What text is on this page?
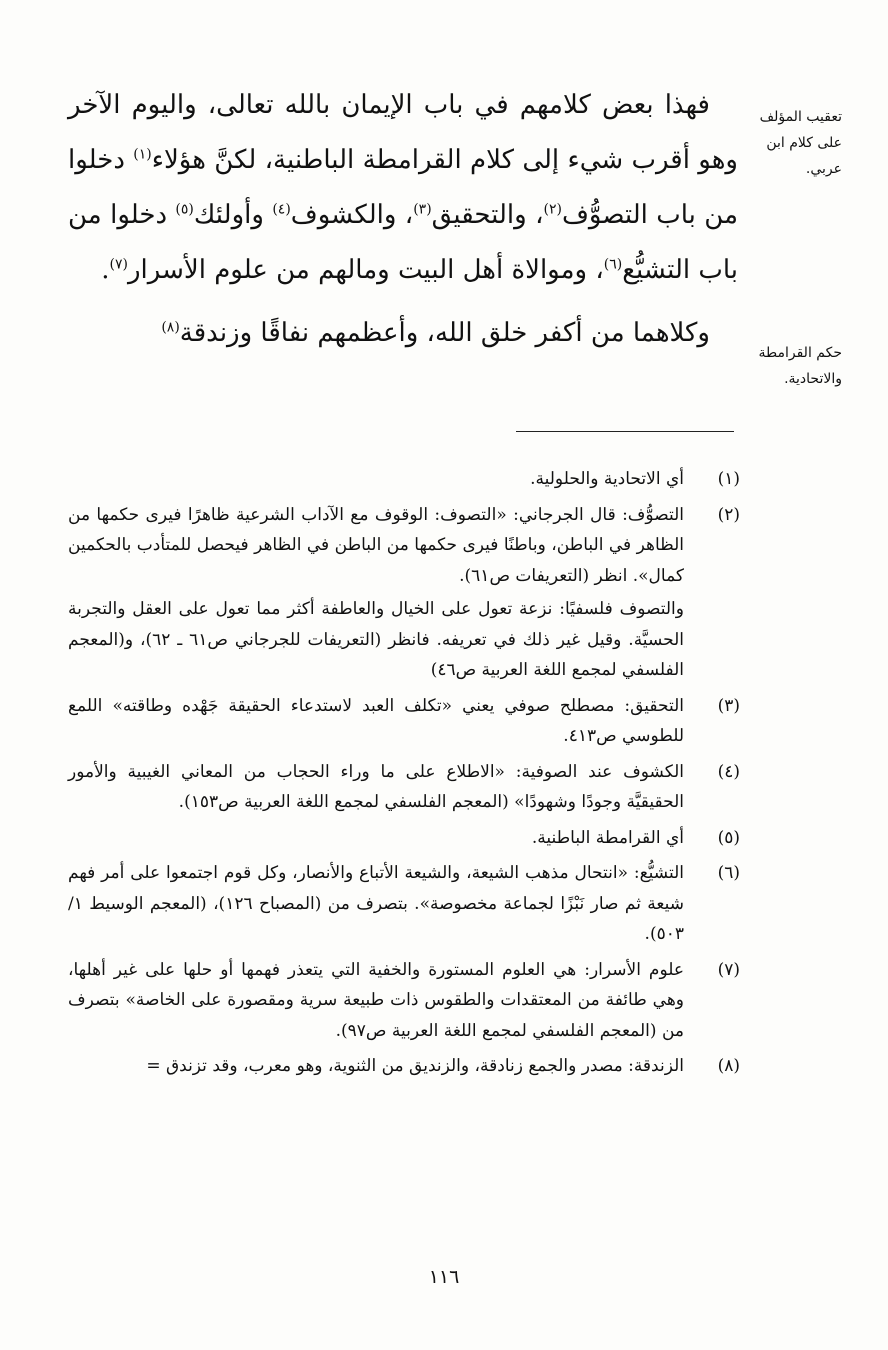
تعقيب المؤلف على كلام ابن عربي.
حكم القرامطة والاتحادية.

فهذا بعض كلامهم في باب الإيمان بالله تعالى، واليوم الآخر وهو أقرب شيء إلى كلام القرامطة الباطنية، لكنَّ هؤلاء$^{(١)}$ دخلوا من باب التصوُّف$^{(٢)}$، والتحقيق$^{(٣)}$، والكشوف$^{(٤)}$ وأولئك$^{(٥)}$ دخلوا من باب التشيُّع$^{(٦)}$، وموالاة أهل البيت ومالهم من علوم الأسرار$^{(٧)}$.

وكلاهما من أكفر خلق الله، وأعظمهم نفاقًا وزندقة$^{(٨)}$

(١)

أي الاتحادية والحلولية.

(٢)

التصوُّف: قال الجرجاني: «التصوف: الوقوف مع الآداب الشرعية ظاهرًا فيرى حكمها من الظاهر في الباطن، وباطنًا فيرى حكمها من الباطن في الظاهر فيحصل للمتأدب بالحكمين كمال». انظر (التعريفات ص٦١).

والتصوف فلسفيًا: نزعة تعول على الخيال والعاطفة أكثر مما تعول على العقل والتجربة الحسيَّة. وقيل غير ذلك في تعريفه. فانظر (التعريفات للجرجاني ص٦١ ـ ٦٢)، و(المعجم الفلسفي لمجمع اللغة العربية ص٤٦)

(٣)

التحقيق: مصطلح صوفي يعني «تكلف العبد لاستدعاء الحقيقة جَهْده وطاقته» اللمع للطوسي ص٤١٣.

(٤)

الكشوف عند الصوفية: «الاطلاع على ما وراء الحجاب من المعاني الغيبية والأمور الحقيقيَّة وجودًا وشهودًا» (المعجم الفلسفي لمجمع اللغة العربية ص١٥٣).

(٥)

أي القرامطة الباطنية.

(٦)

التشيُّع: «انتحال مذهب الشيعة، والشيعة الأتباع والأنصار، وكل قوم اجتمعوا على أمر فهم شيعة ثم صار نَبْزًا لجماعة مخصوصة». بتصرف من (المصباح ١٢٦)، (المعجم الوسيط ١/ ٥٠٣).

(٧)

علوم الأسرار: هي العلوم المستورة والخفية التي يتعذر فهمها أو حلها على غير أهلها، وهي طائفة من المعتقدات والطقوس ذات طبيعة سرية ومقصورة على الخاصة» بتصرف من (المعجم الفلسفي لمجمع اللغة العربية ص٩٧).

(٨)

الزندقة: مصدر والجمع زنادقة، والزنديق من الثنوية، وهو معرب، وقد تزندق =

١١٦
